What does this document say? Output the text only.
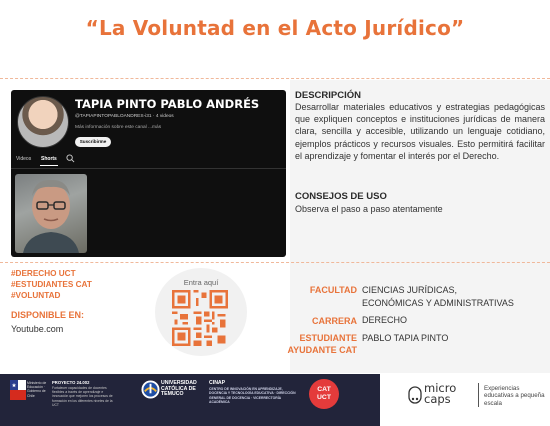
“La Voluntad en el Acto Jurídico”
TAPIA PINTO PABLO ANDRÉS
@TAPIAPINTOPABLOANDRES-i31 · 4 videos
Más información sobre este canal ...más
Suscribirme
Videos Shorts
DESCRIPCIÓN
Desarrollar materiales educativos y estrategias pedagógicas que expliquen conceptos e instituciones jurídicas de manera clara, sencilla y accesible, utilizando un lenguaje cotidiano, ejemplos prácticos y recursos visuales. Esto permitirá facilitar el aprendizaje y fomentar el interés por el Derecho.
CONSEJOS DE USO
Observa el paso a paso atentamente
#DERECHO UCT
#ESTUDIANTES CAT
#VOLUNTAD
DISPONIBLE EN:
Youtube.com
Entra aquí
FACULTAD CIENCIAS JURÍDICAS,
ECONÓMICAS Y ADMINISTRATIVAS
CARRERA DERECHO
ESTUDIANTE
AYUDANTE CAT
PABLO TAPIA PINTO
Ministerio de Educación · Gobierno de Chile
PROYECTO 24.002
Fortalecer capacidades de docentes flexibles a través de aprendizaje e innovación que mejoren los procesos de formación en los diferentes niveles de la UCT
UNIVERSIDAD CATÓLICA DE TEMUCO
CINAP
CENTRO DE INNOVACIÓN EN APRENDIZAJE, DOCENCIA Y TECNOLOGÍA EDUCATIVA · DIRECCIÓN GENERAL DE DOCENCIA · VICERRECTORÍA ACADÉMICA
CAT
UCT
micro
caps
Experiencias educativas a pequeña escala
